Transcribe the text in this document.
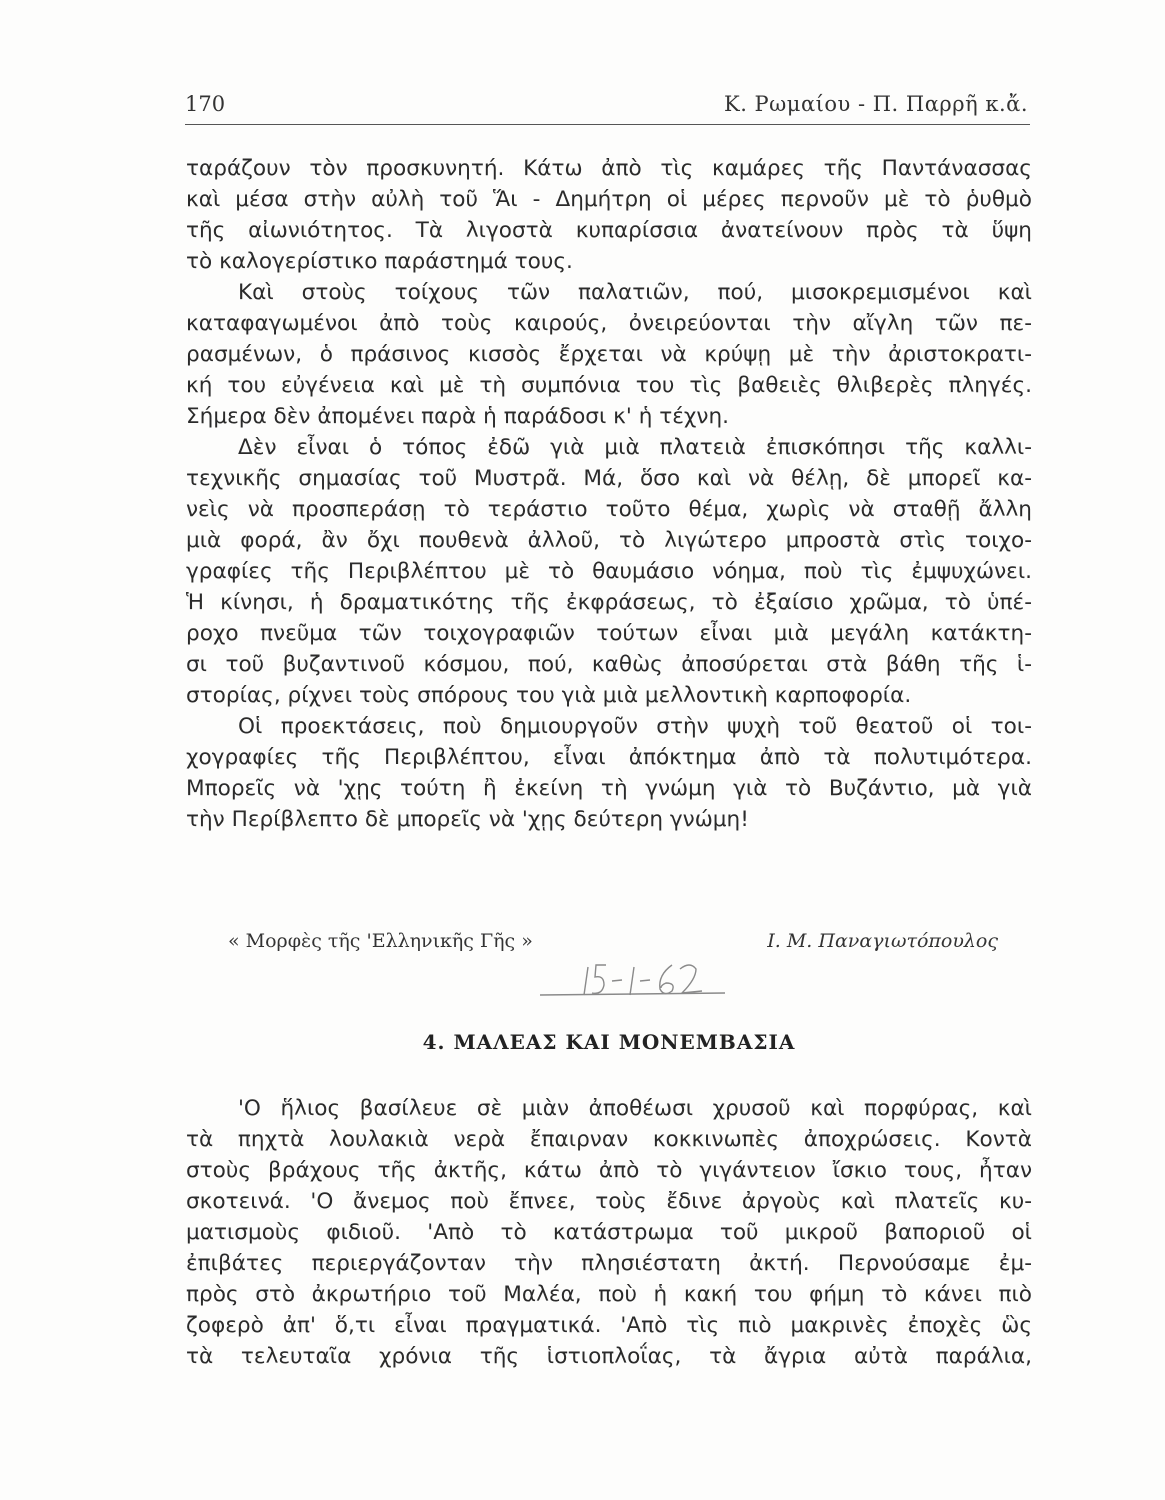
170	Κ. Ρωμαίου - Π. Παρρῆ κ.ἄ.
ταράζουν τὸν προσκυνητή. Κάτω ἀπὸ τὶς καμάρες τῆς Παντάνασσας
καὶ μέσα στὴν αὐλὴ τοῦ Ἅι - Δημήτρη οἱ μέρες περνοῦν μὲ τὸ ῥυθμὸ
τῆς αἰωνιότητος. Τὰ λιγοστὰ κυπαρίσσια ἀνατείνουν πρὸς τὰ ὕψη
τὸ καλογερίστικο παράστημά τους.
Καὶ στοὺς τοίχους τῶν παλατιῶν, πού, μισοκρεμισμένοι καὶ
καταφαγωμένοι ἀπὸ τοὺς καιρούς, ὀνειρεύονται τὴν αἴγλη τῶν πε-
ρασμένων, ὁ πράσινος κισσὸς ἔρχεται νὰ κρύψῃ μὲ τὴν ἀριστοκρατι-
κή του εὐγένεια καὶ μὲ τὴ συμπόνια του τὶς βαθειὲς θλιβερὲς πληγές.
Σήμερα δὲν ἀπομένει παρὰ ἡ παράδοσι κ' ἡ τέχνη.
Δὲν εἶναι ὁ τόπος ἐδῶ γιὰ μιὰ πλατειὰ ἐπισκόπησι τῆς καλλι-
τεχνικῆς σημασίας τοῦ Μυστρᾶ. Μά, ὅσο καὶ νὰ θέλῃ, δὲ μπορεῖ κα-
νεὶς νὰ προσπεράσῃ τὸ τεράστιο τοῦτο θέμα, χωρὶς νὰ σταθῇ ἄλλη
μιὰ φορά, ἂν ὄχι πουθενὰ ἀλλοῦ, τὸ λιγώτερο μπροστὰ στὶς τοιχο-
γραφίες τῆς Περιβλέπτου μὲ τὸ θαυμάσιο νόημα, ποὺ τὶς ἐμψυχώνει.
Ἡ κίνησι, ἡ δραματικότης τῆς ἐκφράσεως, τὸ ἐξαίσιο χρῶμα, τὸ ὑπέ-
ροχο πνεῦμα τῶν τοιχογραφιῶν τούτων εἶναι μιὰ μεγάλη κατάκτη-
σι τοῦ βυζαντινοῦ κόσμου, πού, καθὼς ἀποσύρεται στὰ βάθη τῆς ἱ-
στορίας, ρίχνει τοὺς σπόρους του γιὰ μιὰ μελλοντικὴ καρποφορία.
Οἱ προεκτάσεις, ποὺ δημιουργοῦν στὴν ψυχὴ τοῦ θεατοῦ οἱ τοι-
χογραφίες τῆς Περιβλέπτου, εἶναι ἀπόκτημα ἀπὸ τὰ πολυτιμότερα.
Μπορεῖς νὰ 'χῃς τούτη ἢ ἐκείνη τὴ γνώμη γιὰ τὸ Βυζάντιο, μὰ γιὰ
τὴν Περίβλεπτο δὲ μπορεῖς νὰ 'χῃς δεύτερη γνώμη!
« Μορφὲς τῆς 'Ελληνικῆς Γῆς »	Ι. Μ. Παναγιωτόπουλος
4. ΜΑΛΕΑΣ ΚΑΙ ΜΟΝΕΜΒΑΣΙΑ
'Ο ἥλιος βασίλευε σὲ μιὰν ἀποθέωσι χρυσοῦ καὶ πορφύρας, καὶ
τὰ πηχτὰ λουλακιὰ νερὰ ἔπαιρναν κοκκινωπὲς ἀποχρώσεις. Κοντὰ
στοὺς βράχους τῆς ἀκτῆς, κάτω ἀπὸ τὸ γιγάντειον ἴσκιο τους, ἦταν
σκοτεινά. 'Ο ἄνεμος ποὺ ἔπνεε, τοὺς ἔδινε ἀργοὺς καὶ πλατεῖς κυ-
ματισμοὺς φιδιοῦ. 'Απὸ τὸ κατάστρωμα τοῦ μικροῦ βαποριοῦ οἱ
ἐπιβάτες περιεργάζονταν τὴν πλησιέστατη ἀκτή. Περνούσαμε ἐμ-
πρὸς στὸ ἀκρωτήριο τοῦ Μαλέα, ποὺ ἡ κακή του φήμη τὸ κάνει πιὸ
ζοφερὸ ἀπ' ὅ,τι εἶναι πραγματικά. 'Απὸ τὶς πιὸ μακρινὲς ἐποχὲς ὣς
τὰ τελευταῖα χρόνια τῆς ἱστιοπλοΐας, τὰ ἄγρια αὐτὰ παράλια,
